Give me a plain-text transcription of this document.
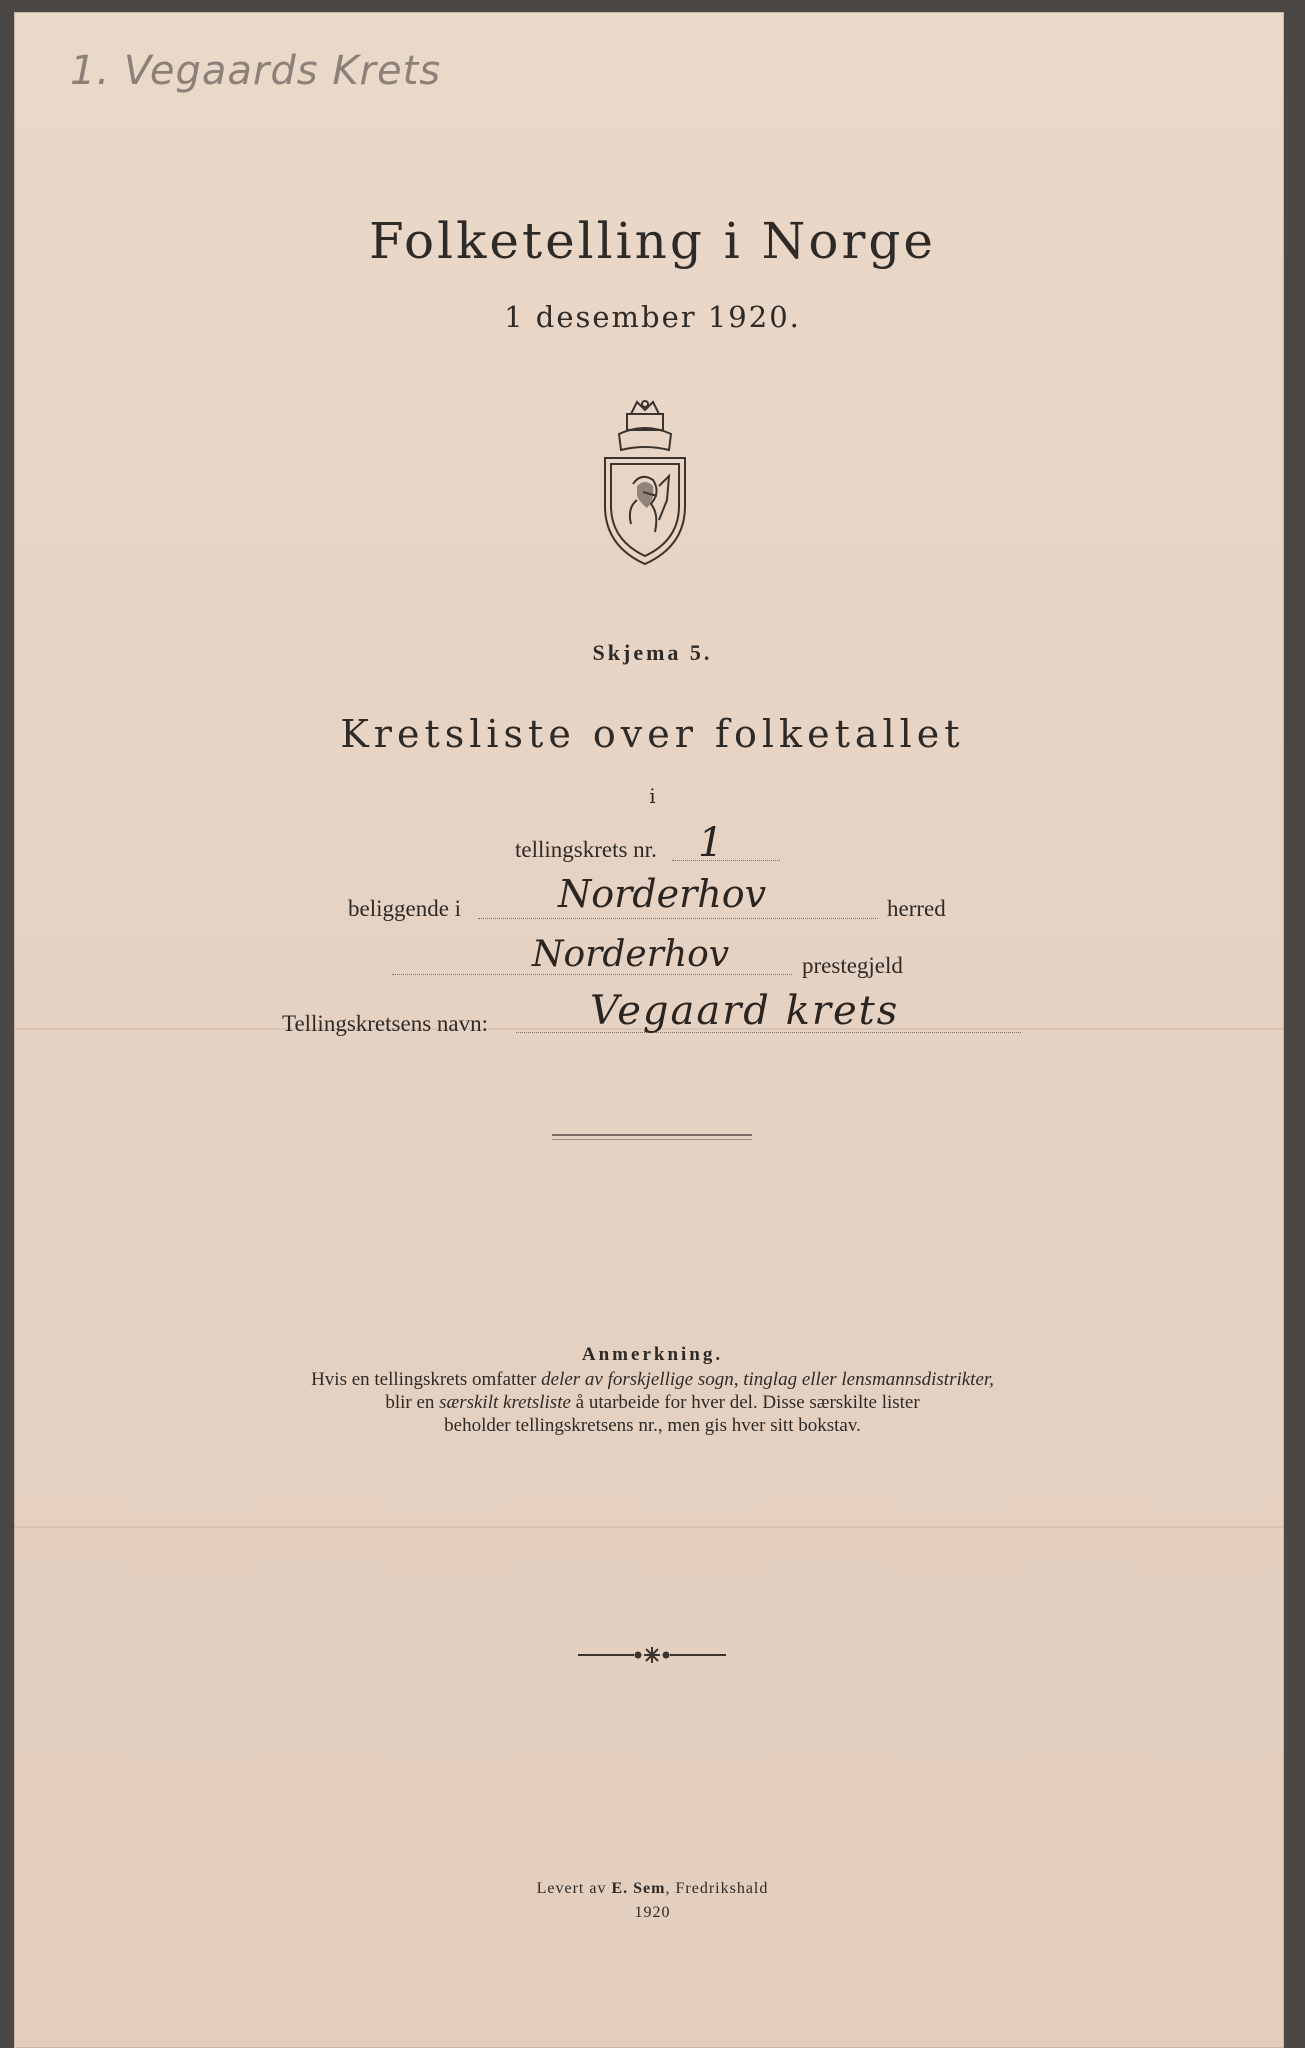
1. Vegaards Krets
Folketelling i Norge
1 desember 1920.
Skjema 5.
Kretsliste over folketallet
i
tellingskrets nr. 1
beliggende i	Norderhov	herred
Norderhov	prestegjeld
Tellingskretsens navn:	Vegaard krets
Anmerkning.
Hvis en tellingskrets omfatter deler av forskjellige sogn, tinglag eller lensmannsdistrikter,
blir en særskilt kretsliste å utarbeide for hver del. Disse særskilte lister
beholder tellingskretsens nr., men gis hver sitt bokstav.
Levert av E. Sem, Fredrikshald
1920
